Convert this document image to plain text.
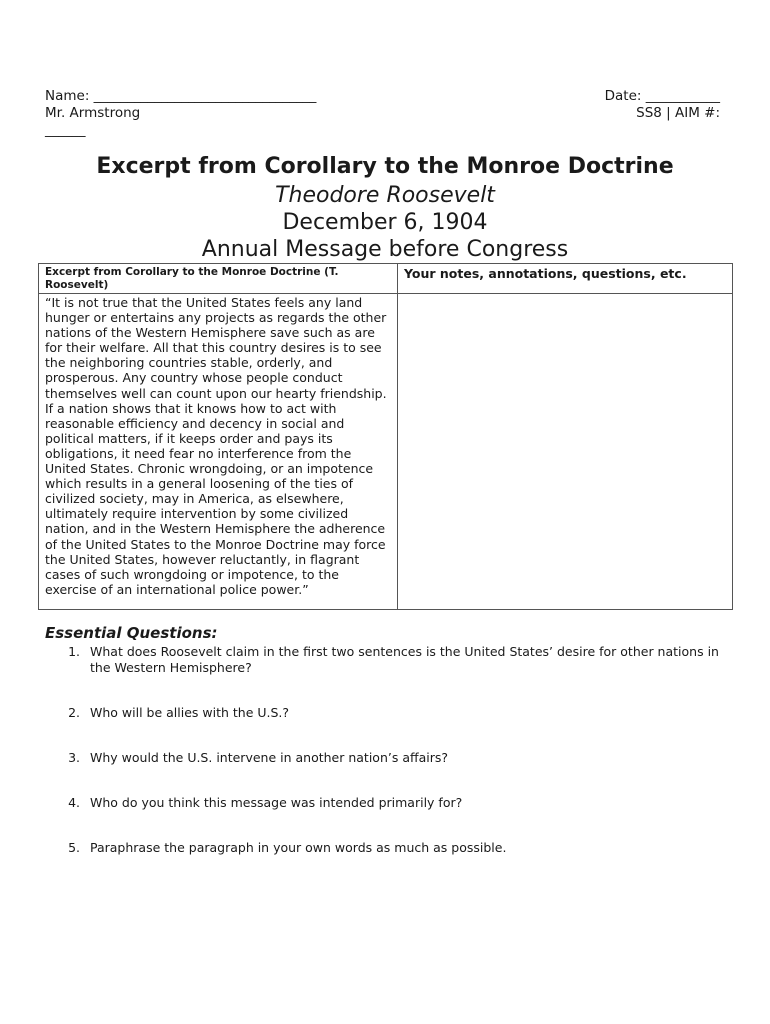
Name: _________________________________
Mr. Armstrong
______
Date: ___________
SS8 | AIM #:
Excerpt from Corollary to the Monroe Doctrine
Theodore Roosevelt
December 6, 1904
Annual Message before Congress
Excerpt from Corollary to the Monroe Doctrine (T. Roosevelt)	Your notes, annotations, questions, etc.
“It is not true that the United States feels any land hunger or entertains any projects as regards the other nations of the Western Hemisphere save such as are for their welfare. All that this country desires is to see the neighboring countries stable, orderly, and prosperous. Any country whose people conduct themselves well can count upon our hearty friendship. If a nation shows that it knows how to act with reasonable efficiency and decency in social and political matters, if it keeps order and pays its obligations, it need fear no interference from the United States. Chronic wrongdoing, or an impotence which results in a general loosening of the ties of civilized society, may in America, as elsewhere, ultimately require intervention by some civilized nation, and in the Western Hemisphere the adherence of the United States to the Monroe Doctrine may force the United States, however reluctantly, in flagrant cases of such wrongdoing or impotence, to the exercise of an international police power.”	
Essential Questions:
1. What does Roosevelt claim in the first two sentences is the United States’ desire for other nations in the Western Hemisphere?
2. Who will be allies with the U.S.?
3. Why would the U.S. intervene in another nation’s affairs?
4. Who do you think this message was intended primarily for?
5. Paraphrase the paragraph in your own words as much as possible.
